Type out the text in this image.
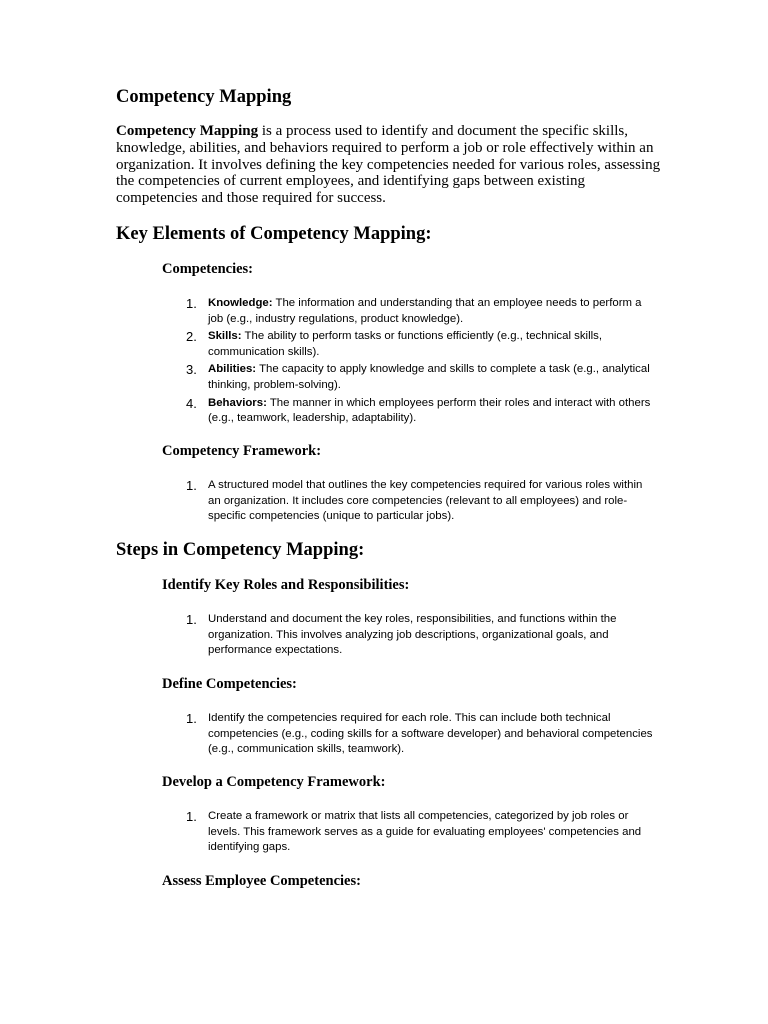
Competency Mapping
Competency Mapping is a process used to identify and document the specific skills, knowledge, abilities, and behaviors required to perform a job or role effectively within an organization. It involves defining the key competencies needed for various roles, assessing the competencies of current employees, and identifying gaps between existing competencies and those required for success.
Key Elements of Competency Mapping:
Competencies:
1. Knowledge: The information and understanding that an employee needs to perform a job (e.g., industry regulations, product knowledge).
2. Skills: The ability to perform tasks or functions efficiently (e.g., technical skills, communication skills).
3. Abilities: The capacity to apply knowledge and skills to complete a task (e.g., analytical thinking, problem-solving).
4. Behaviors: The manner in which employees perform their roles and interact with others (e.g., teamwork, leadership, adaptability).
Competency Framework:
1. A structured model that outlines the key competencies required for various roles within an organization. It includes core competencies (relevant to all employees) and role-specific competencies (unique to particular jobs).
Steps in Competency Mapping:
Identify Key Roles and Responsibilities:
1. Understand and document the key roles, responsibilities, and functions within the organization. This involves analyzing job descriptions, organizational goals, and performance expectations.
Define Competencies:
1. Identify the competencies required for each role. This can include both technical competencies (e.g., coding skills for a software developer) and behavioral competencies (e.g., communication skills, teamwork).
Develop a Competency Framework:
1. Create a framework or matrix that lists all competencies, categorized by job roles or levels. This framework serves as a guide for evaluating employees' competencies and identifying gaps.
Assess Employee Competencies:
